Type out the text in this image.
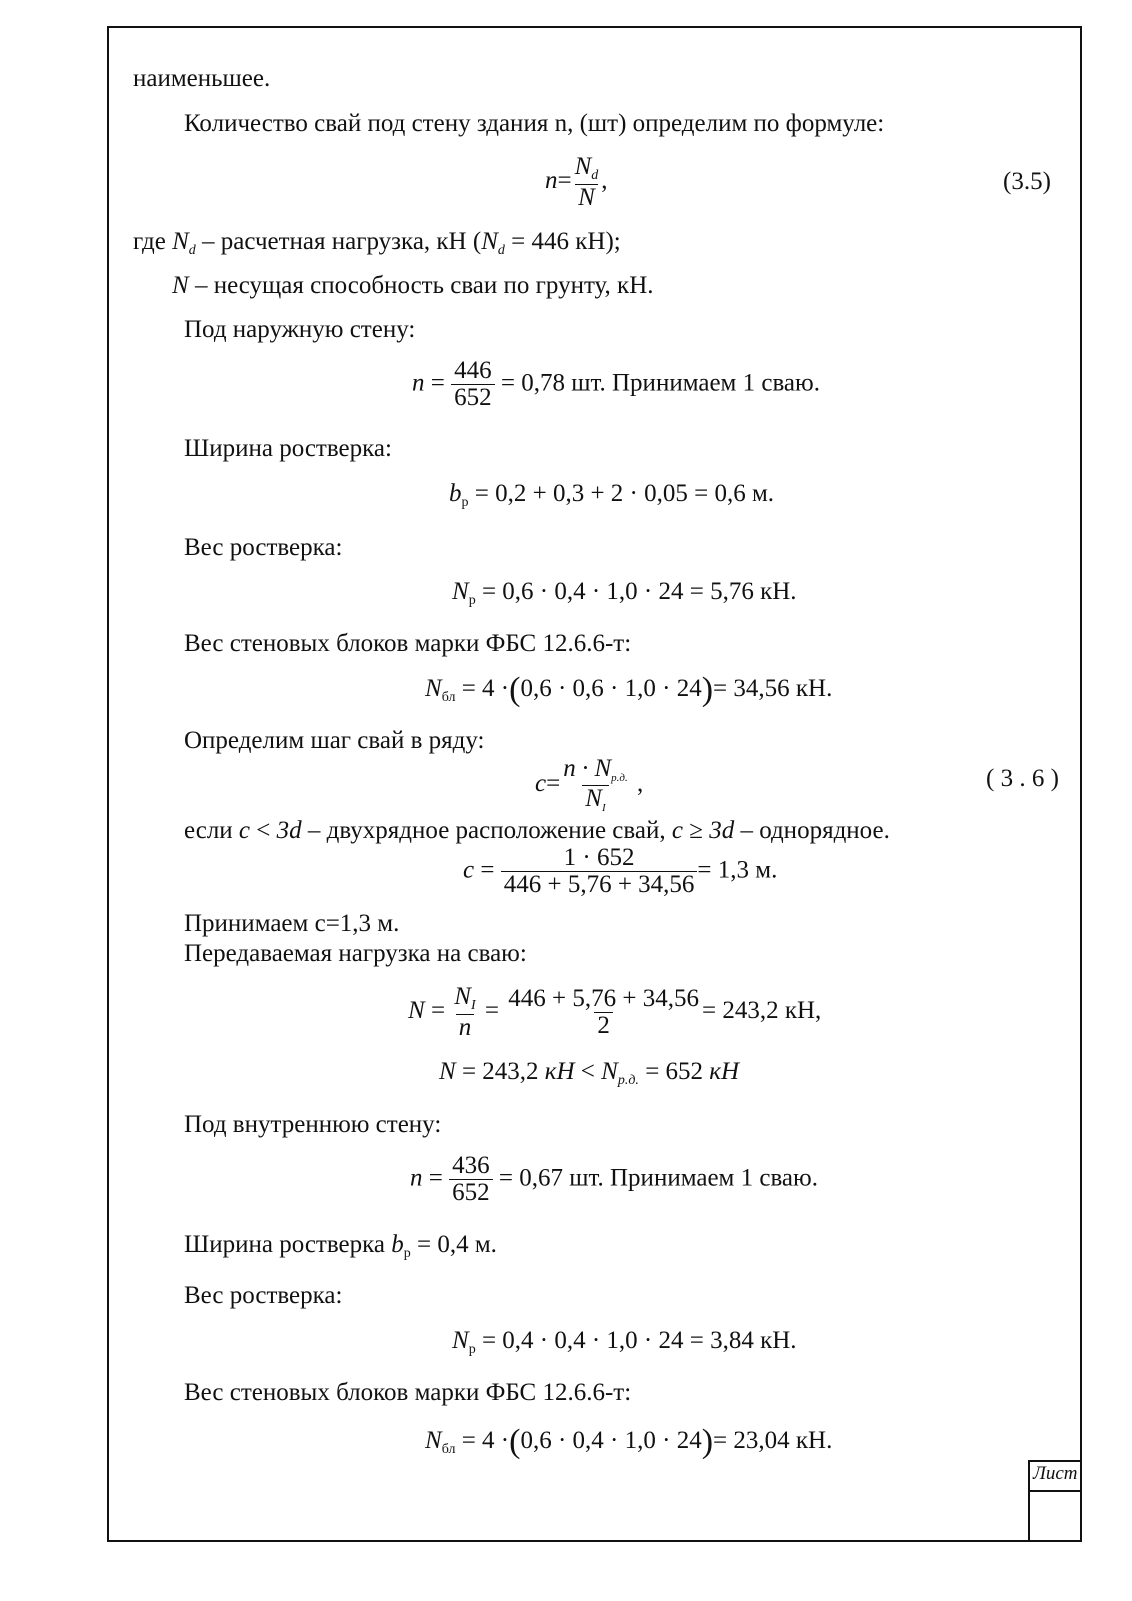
Лист
наименьшее.
Количество свай под стену здания n, (шт) определим по формуле:
$n= \frac{N_d}{N}$ ,	(3.5)
где $N_d$ – расчетная нагрузка, кН ($N_d = 446$ кН);
N – несущая способность сваи по грунту, кН.
Под наружную стену:
$n = \frac{446}{652} = 0,78$ шт. Принимаем 1 сваю.
Ширина ростверка:
$b_р = 0,2 + 0,3 + 2 \cdot 0,05 = 0,6$ м.
Вес ростверка:
$N_р = 0,6 \cdot 0,4 \cdot 1,0 \cdot 24 = 5,76$ кН.
Вес стеновых блоков марки ФБС 12.6.6-т:
$N_{бл} = 4 \cdot(0,6 \cdot 0,6 \cdot 1,0 \cdot 24)= 34,56$ кН.
Определим шаг свай в ряду:
$c= \frac{n \cdot N_{р.д.}}{N_I}$ ,	( 3 . 6 )
если c < 3d – двухрядное расположение свай, c ≥ 3d – однорядное.
$c = \frac{1 \cdot 652}{446 + 5,76 + 34,56} = 1,3$ м.
Принимаем с=1,3 м.
Передаваемая нагрузка на сваю:
$N = \frac{N_I}{n} = \frac{446 + 5,76 + 34,56}{2} = 243,2$ кН,
N = 243,2 кН < $N_{р.д.} = 652$ кН
Под внутреннюю стену:
$n = \frac{436}{652} = 0,67$ шт. Принимаем 1 сваю.
Ширина ростверка $b_р = 0,4$ м.
Вес ростверка:
$N_р = 0,4 \cdot 0,4 \cdot 1,0 \cdot 24 = 3,84$ кН.
Вес стеновых блоков марки ФБС 12.6.6-т:
$N_{бл} = 4 \cdot(0,6 \cdot 0,4 \cdot 1,0 \cdot 24)= 23,04$ кН.
